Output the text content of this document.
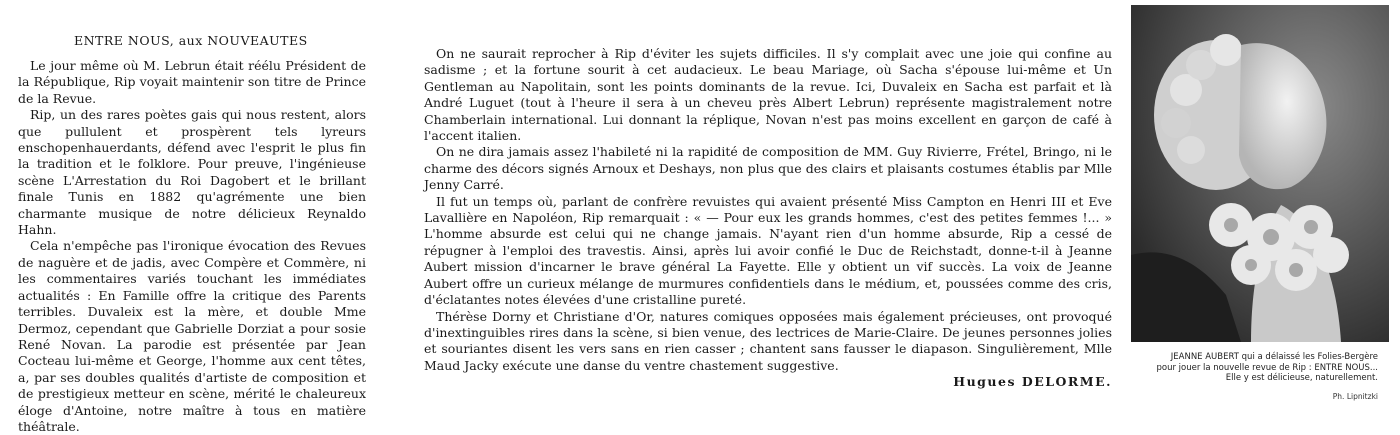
ENTRE NOUS, aux NOUVEAUTES

Le jour même où M. Lebrun était réélu Président de la République, Rip voyait maintenir son titre de Prince de la Revue.

Rip, un des rares poètes gais qui nous restent, alors que pullulent et prospèrent tels lyreurs enschopenhauerdants, défend avec l'esprit le plus fin la tradition et le folklore. Pour preuve, l'ingénieuse scène L'Arrestation du Roi Dagobert et le brillant finale Tunis en 1882 qu'agrémente une bien charmante musique de notre délicieux Reynaldo Hahn.

Cela n'empêche pas l'ironique évocation des Revues de naguère et de jadis, avec Compère et Commère, ni les commentaires variés touchant les immédiates actualités : En Famille offre la critique des Parents terribles. Duvaleix est la mère, et double Mme Dermoz, cependant que Gabrielle Dorziat a pour sosie René Novan. La parodie est présentée par Jean Cocteau lui-même et George, l'homme aux cent têtes, a, par ses doubles qualités d'artiste de composition et de prestigieux metteur en scène, mérité le chaleureux éloge d'Antoine, notre maître à tous en matière théâtrale.

On ne saurait reprocher à Rip d'éviter les sujets difficiles. Il s'y complait avec une joie qui confine au sadisme ; et la fortune sourit à cet audacieux. Le beau Mariage, où Sacha s'épouse lui-même et Un Gentleman au Napolitain, sont les points dominants de la revue. Ici, Duvaleix en Sacha est parfait et là André Luguet (tout à l'heure il sera à un cheveu près Albert Lebrun) représente magistralement notre Chamberlain international. Lui donnant la réplique, Novan n'est pas moins excellent en garçon de café à l'accent italien.

On ne dira jamais assez l'habileté ni la rapidité de composition de MM. Guy Rivierre, Frétel, Bringo, ni le charme des décors signés Arnoux et Deshays, non plus que des clairs et plaisants costumes établis par Mlle Jenny Carré.

Il fut un temps où, parlant de confrère revuistes qui avaient présenté Miss Campton en Henri III et Eve Lavallière en Napoléon, Rip remarquait : « — Pour eux les grands hommes, c'est des petites femmes !... » L'homme absurde est celui qui ne change jamais. N'ayant rien d'un homme absurde, Rip a cessé de répugner à l'emploi des travestis. Ainsi, après lui avoir confié le Duc de Reichstadt, donne-t-il à Jeanne Aubert mission d'incarner le brave général La Fayette. Elle y obtient un vif succès. La voix de Jeanne Aubert offre un curieux mélange de murmures confidentiels dans le médium, et, poussées comme des cris, d'éclatantes notes élevées d'une cristalline pureté.

Thérèse Dorny et Christiane d'Or, natures comiques opposées mais également précieuses, ont provoqué d'inextinguibles rires dans la scène, si bien venue, des lectrices de Marie-Claire. De jeunes personnes jolies et souriantes disent les vers sans en rien casser ; chantent sans fausser le diapason. Singulièrement, Mlle Maud Jacky exécute une danse du ventre chastement suggestive.

Hugues DELORME.

JEANNE AUBERT qui a délaissé les Folies-Bergère
pour jouer la nouvelle revue de Rip : ENTRE NOUS...
Elle y est délicieuse, naturellement.
Ph. Lipnitzki
